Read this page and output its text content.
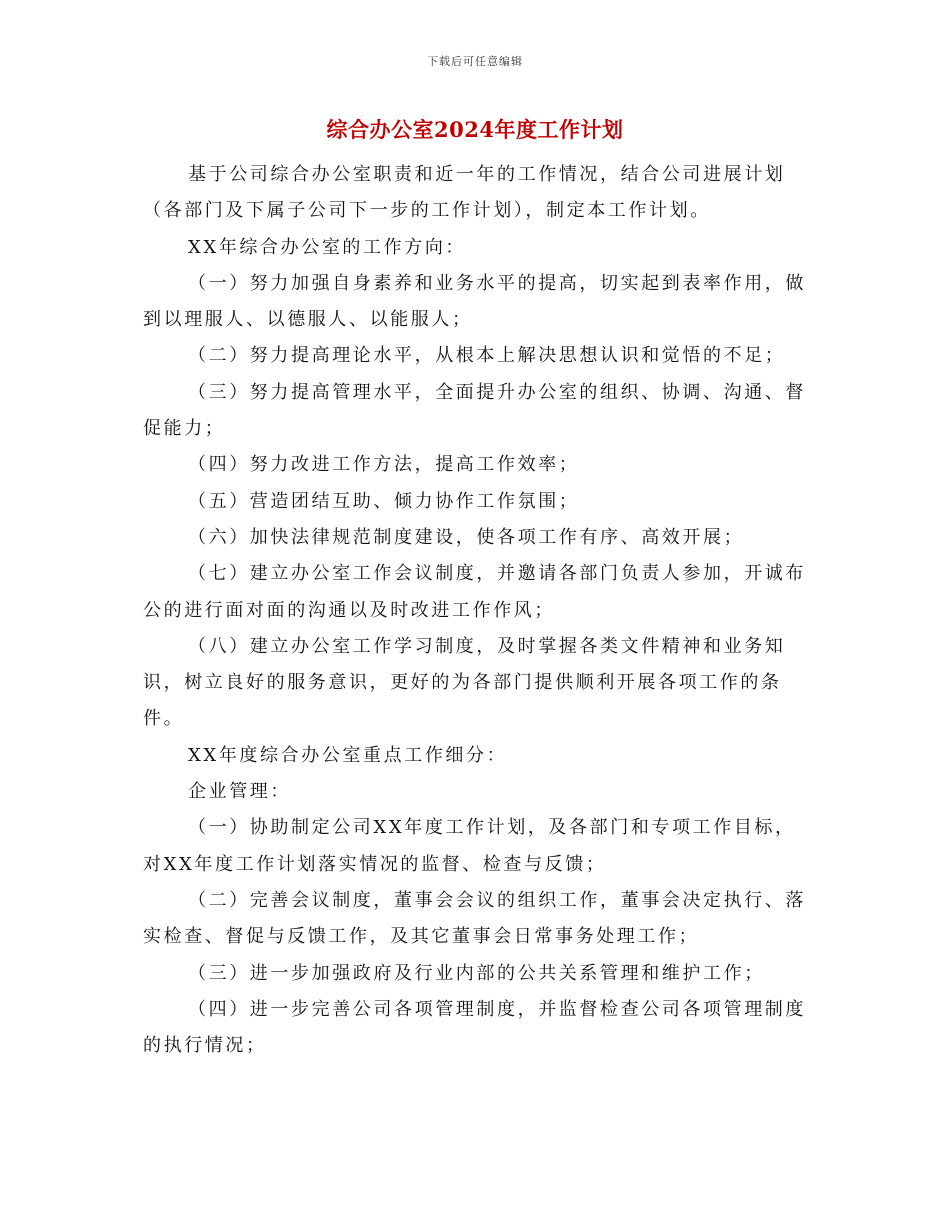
下载后可任意编辑
综合办公室2024年度工作计划

基于公司综合办公室职责和近一年的工作情况，结合公司进展计划（各部门及下属子公司下一步的工作计划），制定本工作计划。

XX年综合办公室的工作方向：

（一）努力加强自身素养和业务水平的提高，切实起到表率作用，做到以理服人、以德服人、以能服人；

（二）努力提高理论水平，从根本上解决思想认识和觉悟的不足；

（三）努力提高管理水平，全面提升办公室的组织、协调、沟通、督促能力；

（四）努力改进工作方法，提高工作效率；

（五）营造团结互助、倾力协作工作氛围；

（六）加快法律规范制度建设，使各项工作有序、高效开展；

（七）建立办公室工作会议制度，并邀请各部门负责人参加，开诚布公的进行面对面的沟通以及时改进工作作风；

（八）建立办公室工作学习制度，及时掌握各类文件精神和业务知识，树立良好的服务意识，更好的为各部门提供顺利开展各项工作的条件。

XX年度综合办公室重点工作细分：

企业管理：

（一）协助制定公司XX年度工作计划，及各部门和专项工作目标，对XX年度工作计划落实情况的监督、检查与反馈；

（二）完善会议制度，董事会会议的组织工作，董事会决定执行、落实检查、督促与反馈工作，及其它董事会日常事务处理工作；

（三）进一步加强政府及行业内部的公共关系管理和维护工作；

（四）进一步完善公司各项管理制度，并监督检查公司各项管理制度的执行情况；
